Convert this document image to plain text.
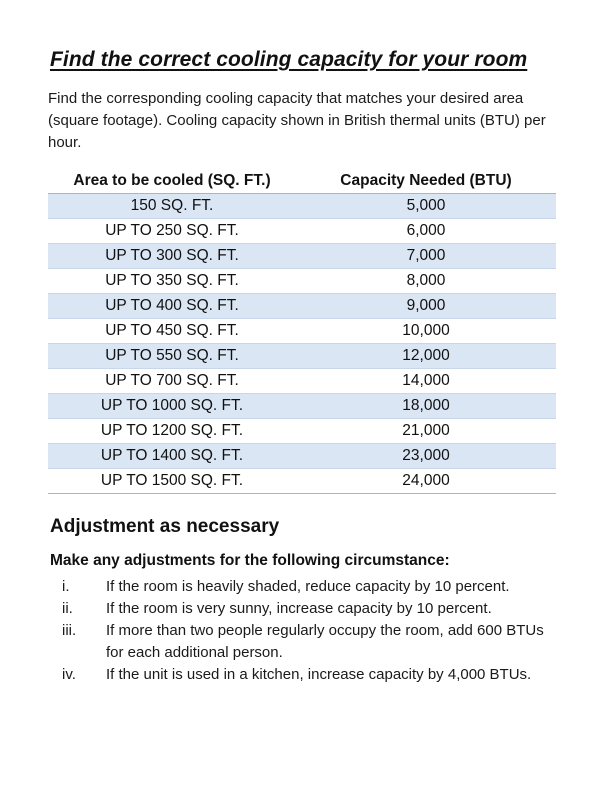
Find the correct cooling capacity for your room

Find the corresponding cooling capacity that matches your desired area (square footage). Cooling capacity shown in British thermal units (BTU) per hour.

Area to be cooled (SQ. FT.)	Capacity Needed (BTU)
150 SQ. FT.	5,000
UP TO 250 SQ. FT.	6,000
UP TO 300 SQ. FT.	7,000
UP TO 350 SQ. FT.	8,000
UP TO 400 SQ. FT.	9,000
UP TO 450 SQ. FT.	10,000
UP TO 550 SQ. FT.	12,000
UP TO 700 SQ. FT.	14,000
UP TO 1000 SQ. FT.	18,000
UP TO 1200 SQ. FT.	21,000
UP TO 1400 SQ. FT.	23,000
UP TO 1500 SQ. FT.	24,000
Adjustment as necessary
Make any adjustments for the following circumstance:
i.	If the room is heavily shaded, reduce capacity by 10 percent.
ii.	If the room is very sunny, increase capacity by 10 percent.
iii.	If more than two people regularly occupy the room, add 600 BTUs for each additional person.
iv.	If the unit is used in a kitchen, increase capacity by 4,000 BTUs.
